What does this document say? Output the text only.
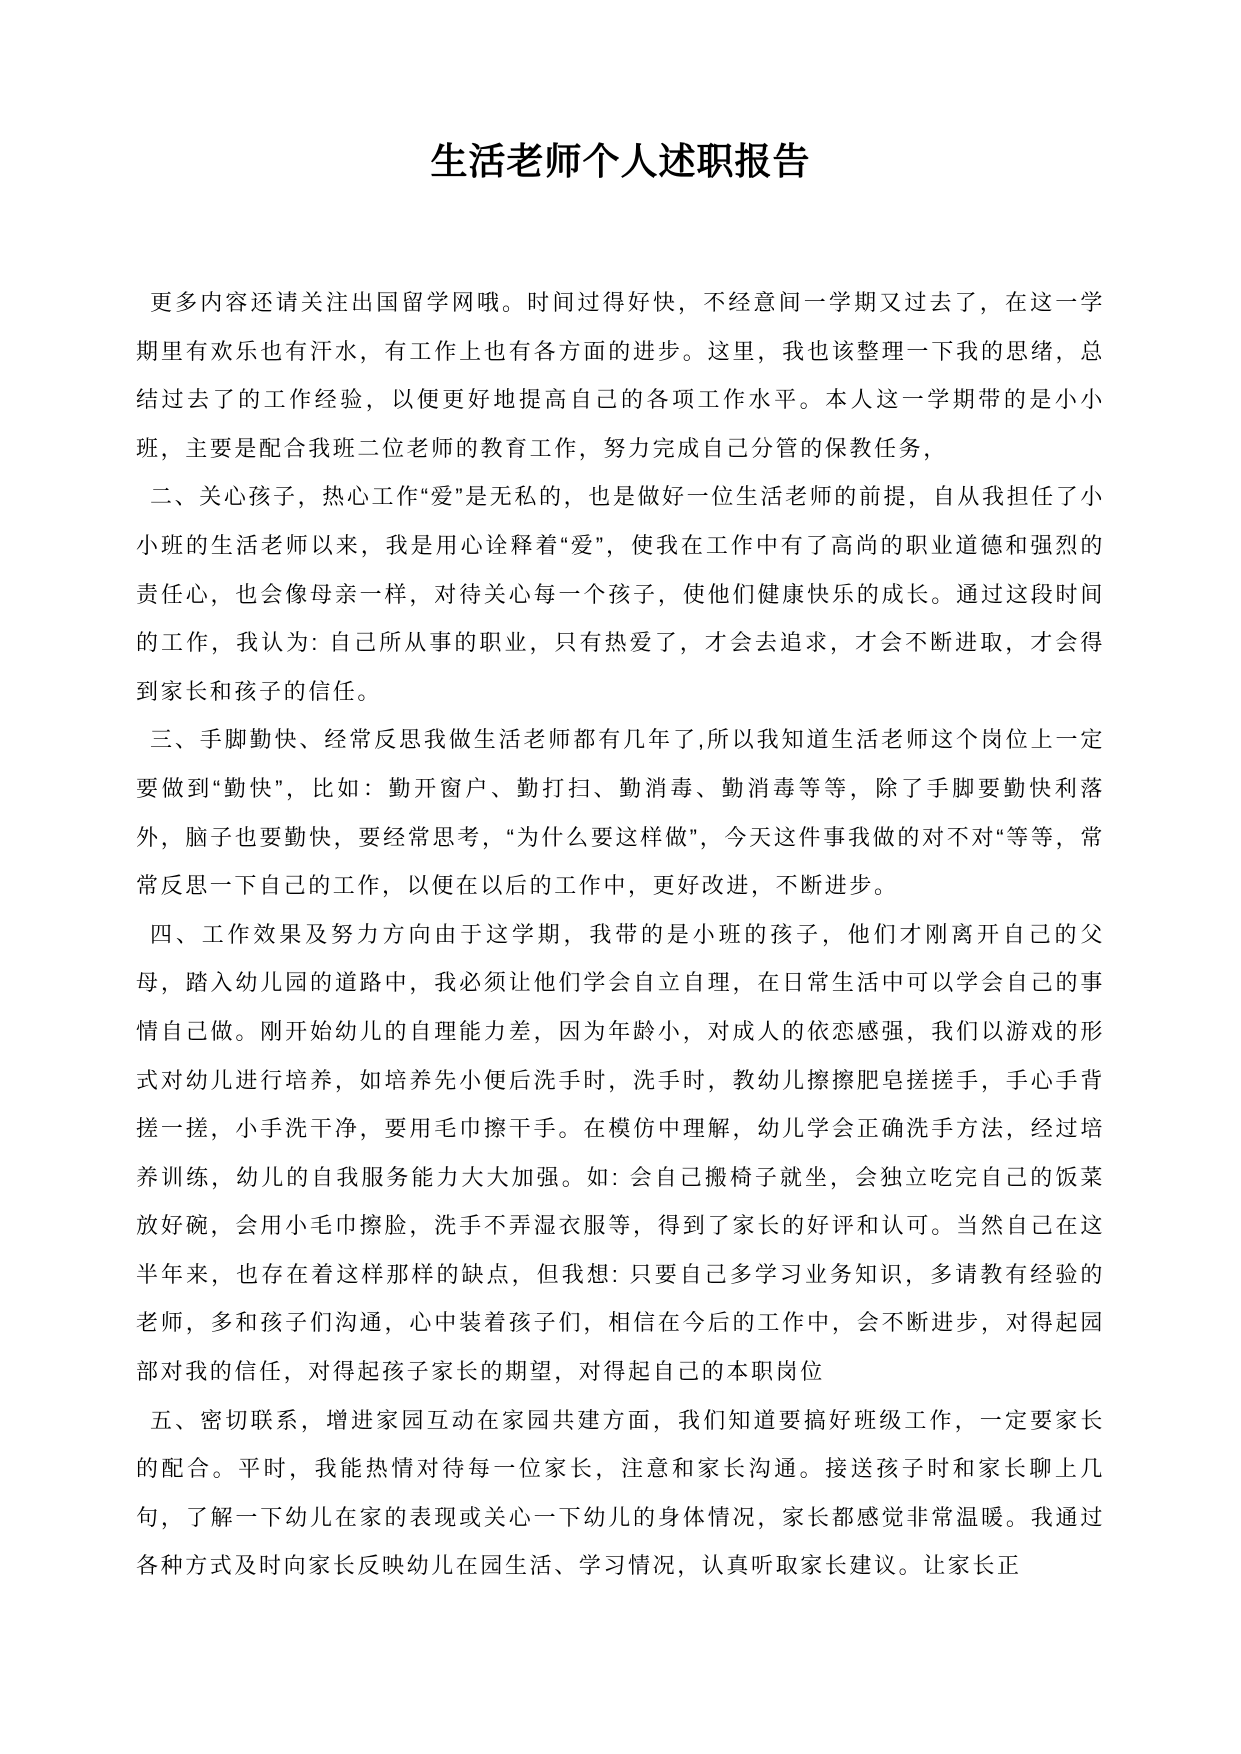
生活老师个人述职报告

更多内容还请关注出国留学网哦。时间过得好快，不经意间一学期又过去了，在这一学期里有欢乐也有汗水，有工作上也有各方面的进步。这里，我也该整理一下我的思绪，总结过去了的工作经验，以便更好地提高自己的各项工作水平。本人这一学期带的是小小班，主要是配合我班二位老师的教育工作，努力完成自己分管的保教任务，

二、关心孩子，热心工作“爱”是无私的，也是做好一位生活老师的前提，自从我担任了小小班的生活老师以来，我是用心诠释着“爱”，使我在工作中有了高尚的职业道德和强烈的责任心，也会像母亲一样，对待关心每一个孩子，使他们健康快乐的成长。通过这段时间的工作，我认为: 自己所从事的职业，只有热爱了，才会去追求，才会不断进取，才会得到家长和孩子的信任。

三、手脚勤快、经常反思我做生活老师都有几年了,所以我知道生活老师这个岗位上一定要做到“勤快”，比如：勤开窗户、勤打扫、勤消毒、勤消毒等等，除了手脚要勤快利落外，脑子也要勤快，要经常思考，“为什么要这样做”，今天这件事我做的对不对“等等，常常反思一下自己的工作，以便在以后的工作中，更好改进，不断进步。

四、工作效果及努力方向由于这学期，我带的是小班的孩子，他们才刚离开自己的父母，踏入幼儿园的道路中，我必须让他们学会自立自理，在日常生活中可以学会自己的事情自己做。刚开始幼儿的自理能力差，因为年龄小，对成人的依恋感强，我们以游戏的形式对幼儿进行培养，如培养先小便后洗手时，洗手时，教幼儿擦擦肥皂搓搓手，手心手背搓一搓，小手洗干净，要用毛巾擦干手。在模仿中理解，幼儿学会正确洗手方法，经过培养训练，幼儿的自我服务能力大大加强。如: 会自己搬椅子就坐，会独立吃完自己的饭菜放好碗，会用小毛巾擦脸，洗手不弄湿衣服等，得到了家长的好评和认可。当然自己在这半年来，也存在着这样那样的缺点，但我想: 只要自己多学习业务知识，多请教有经验的老师，多和孩子们沟通，心中装着孩子们，相信在今后的工作中，会不断进步，对得起园部对我的信任，对得起孩子家长的期望，对得起自己的本职岗位

五、密切联系，增进家园互动在家园共建方面，我们知道要搞好班级工作，一定要家长的配合。平时，我能热情对待每一位家长，注意和家长沟通。接送孩子时和家长聊上几句，了解一下幼儿在家的表现或关心一下幼儿的身体情况，家长都感觉非常温暖。我通过各种方式及时向家长反映幼儿在园生活、学习情况，认真听取家长建议。让家长正
